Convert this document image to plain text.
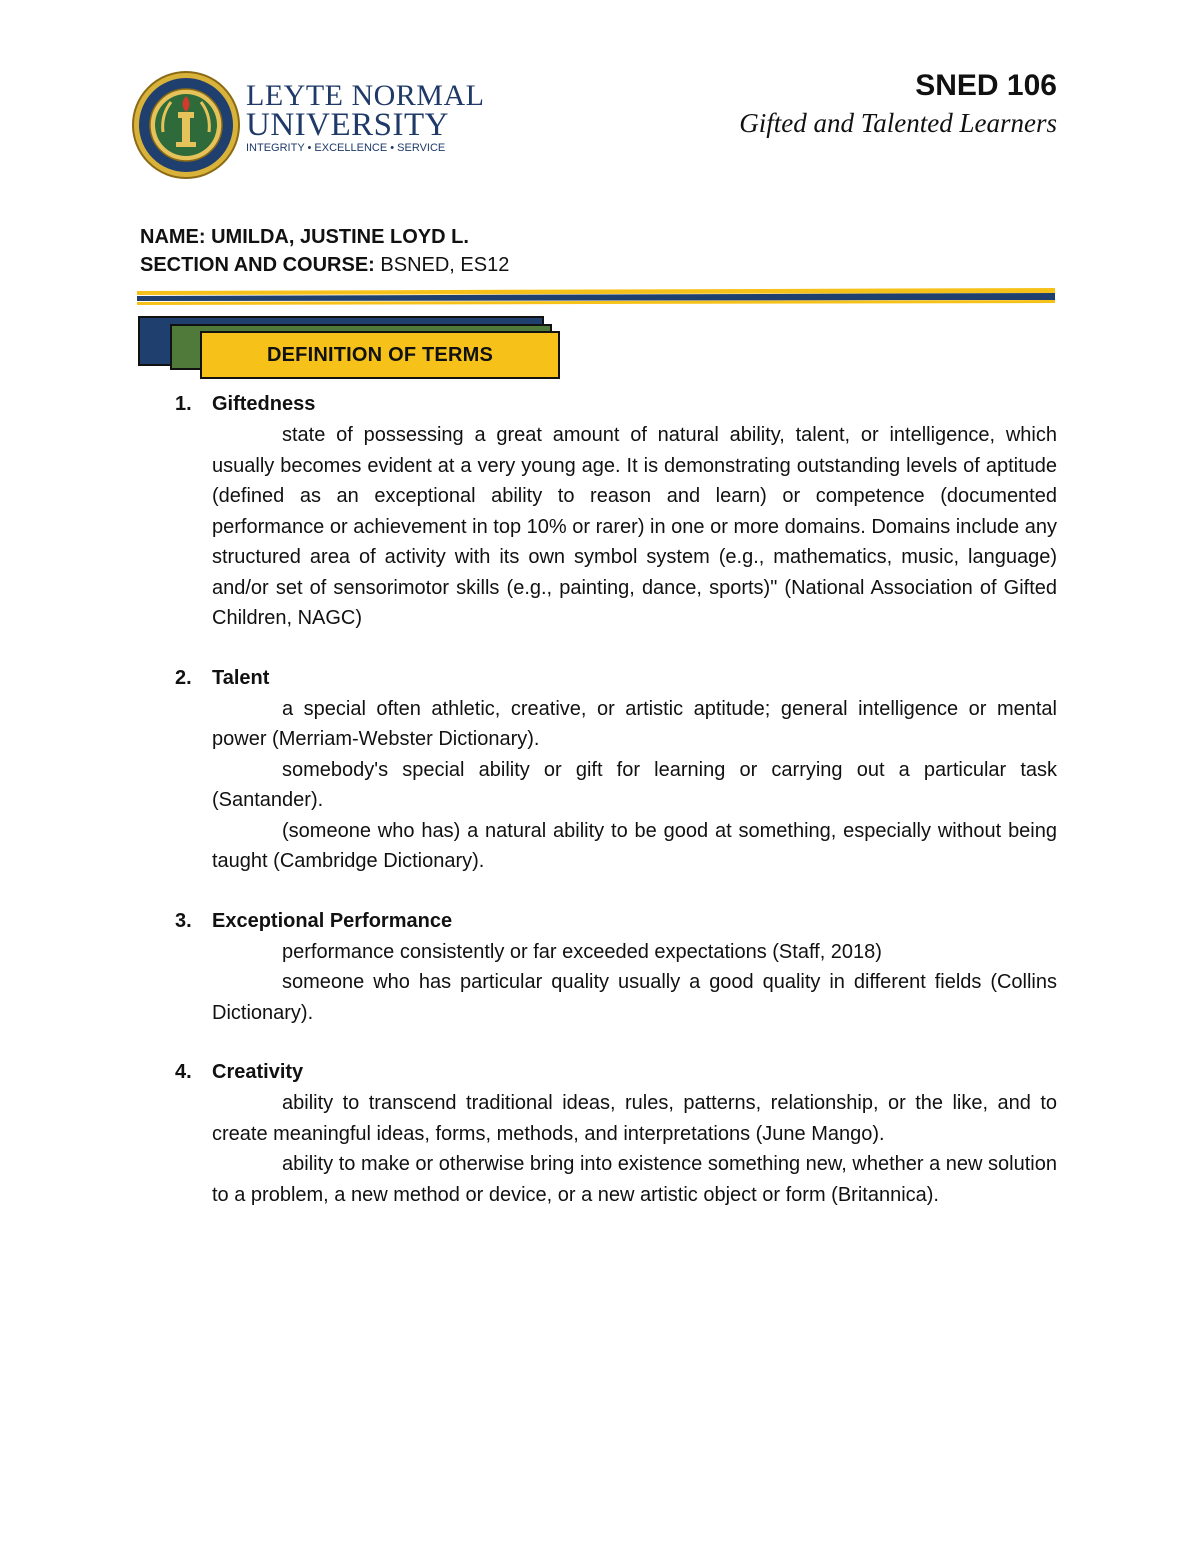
LEYTE NORMAL
UNIVERSITY
INTEGRITY • EXCELLENCE • SERVICE
SNED 106
Gifted and Talented Learners
NAME: UMILDA, JUSTINE LOYD L.
SECTION AND COURSE: BSNED, ES12
DEFINITION OF TERMS
1. Giftedness

state of possessing a great amount of natural ability, talent, or intelligence, which usually becomes evident at a very young age. It is demonstrating outstanding levels of aptitude (defined as an exceptional ability to reason and learn) or competence (documented performance or achievement in top 10% or rarer) in one or more domains. Domains include any structured area of activity with its own symbol system (e.g., mathematics, music, language) and/or set of sensorimotor skills (e.g., painting, dance, sports)" (National Association of Gifted Children, NAGC)

2. Talent

a special often athletic, creative, or artistic aptitude; general intelligence or mental power (Merriam-Webster Dictionary).

somebody's special ability or gift for learning or carrying out a particular task (Santander).

(someone who has) a natural ability to be good at something, especially without being taught (Cambridge Dictionary).

3. Exceptional Performance

performance consistently or far exceeded expectations (Staff, 2018)

someone who has particular quality usually a good quality in different fields (Collins Dictionary).

4. Creativity

ability to transcend traditional ideas, rules, patterns, relationship, or the like, and to create meaningful ideas, forms, methods, and interpretations (June Mango).

ability to make or otherwise bring into existence something new, whether a new solution to a problem, a new method or device, or a new artistic object or form (Britannica).
